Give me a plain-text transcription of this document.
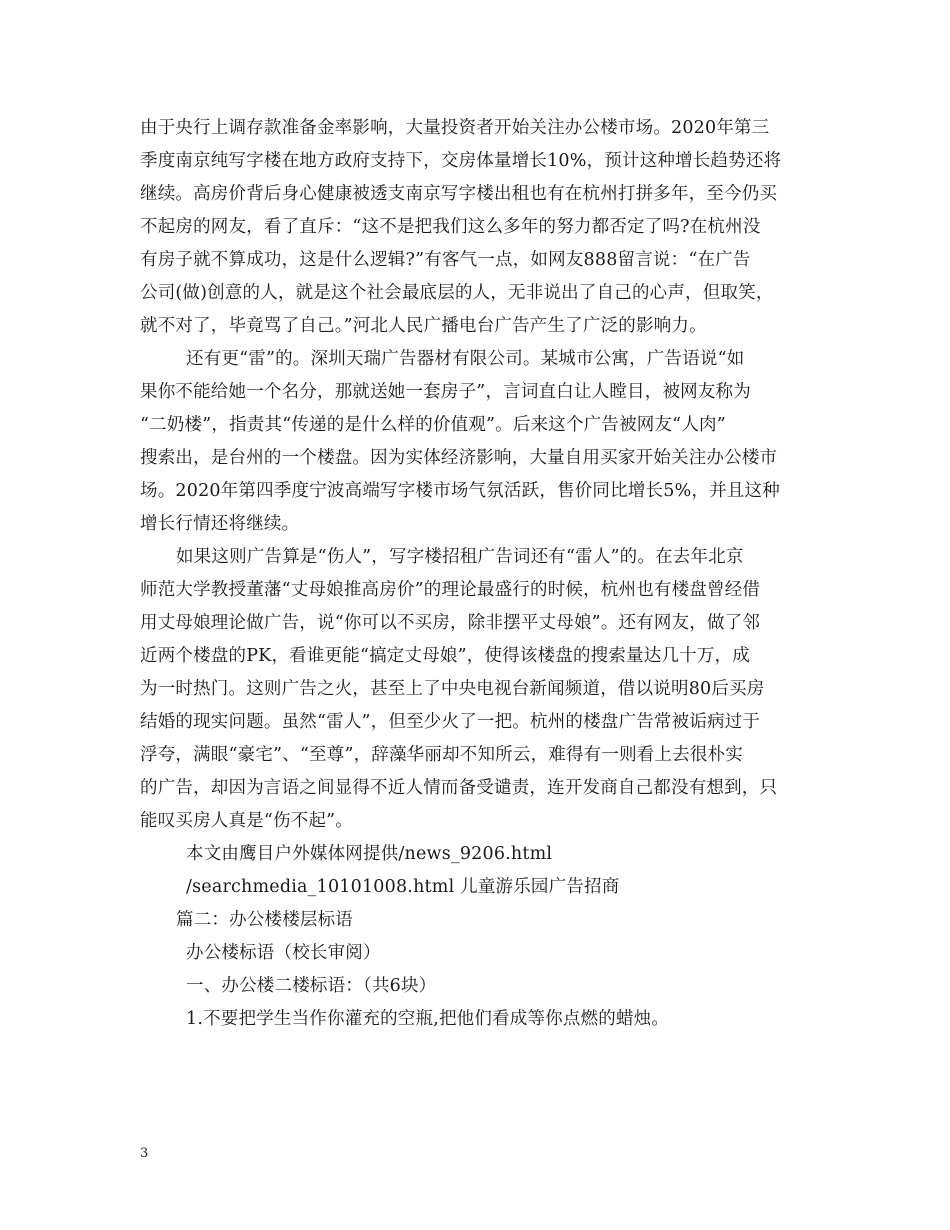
由于央行上调存款准备金率影响，大量投资者开始关注办公楼市场。2020年第三
季度南京纯写字楼在地方政府支持下，交房体量增长10%，预计这种增长趋势还将
继续。高房价背后身心健康被透支南京写字楼出租也有在杭州打拼多年，至今仍买
不起房的网友，看了直斥：“这不是把我们这么多年的努力都否定了吗?在杭州没
有房子就不算成功，这是什么逻辑?”有客气一点，如网友888留言说：“在广告
公司(做)创意的人，就是这个社会最底层的人，无非说出了自己的心声，但取笑，
就不对了，毕竟骂了自己。”河北人民广播电台广告产生了广泛的影响力。
还有更“雷”的。深圳天瑞广告器材有限公司。某城市公寓，广告语说“如
果你不能给她一个名分，那就送她一套房子”，言词直白让人瞠目，被网友称为
“二奶楼”，指责其“传递的是什么样的价值观”。后来这个广告被网友“人肉”
搜索出，是台州的一个楼盘。因为实体经济影响，大量自用买家开始关注办公楼市
场。2020年第四季度宁波高端写字楼市场气氛活跃，售价同比增长5%，并且这种
增长行情还将继续。
如果这则广告算是“伤人”，写字楼招租广告词还有“雷人”的。在去年北京
师范大学教授董藩“丈母娘推高房价”的理论最盛行的时候，杭州也有楼盘曾经借
用丈母娘理论做广告，说“你可以不买房，除非摆平丈母娘”。还有网友，做了邻
近两个楼盘的PK，看谁更能“搞定丈母娘”，使得该楼盘的搜索量达几十万，成
为一时热门。这则广告之火，甚至上了中央电视台新闻频道，借以说明80后买房
结婚的现实问题。虽然“雷人”，但至少火了一把。杭州的楼盘广告常被诟病过于
浮夸，满眼“豪宅”、“至尊”，辞藻华丽却不知所云，难得有一则看上去很朴实
的广告，却因为言语之间显得不近人情而备受谴责，连开发商自己都没有想到，只
能叹买房人真是“伤不起”。
本文由鹰目户外媒体网提供/news_9206.html
/searchmedia_10101008.html 儿童游乐园广告招商
篇二：办公楼楼层标语
办公楼标语（校长审阅）
一、办公楼二楼标语：（共6块）
1.不要把学生当作你灌充的空瓶,把他们看成等你点燃的蜡烛。
3
